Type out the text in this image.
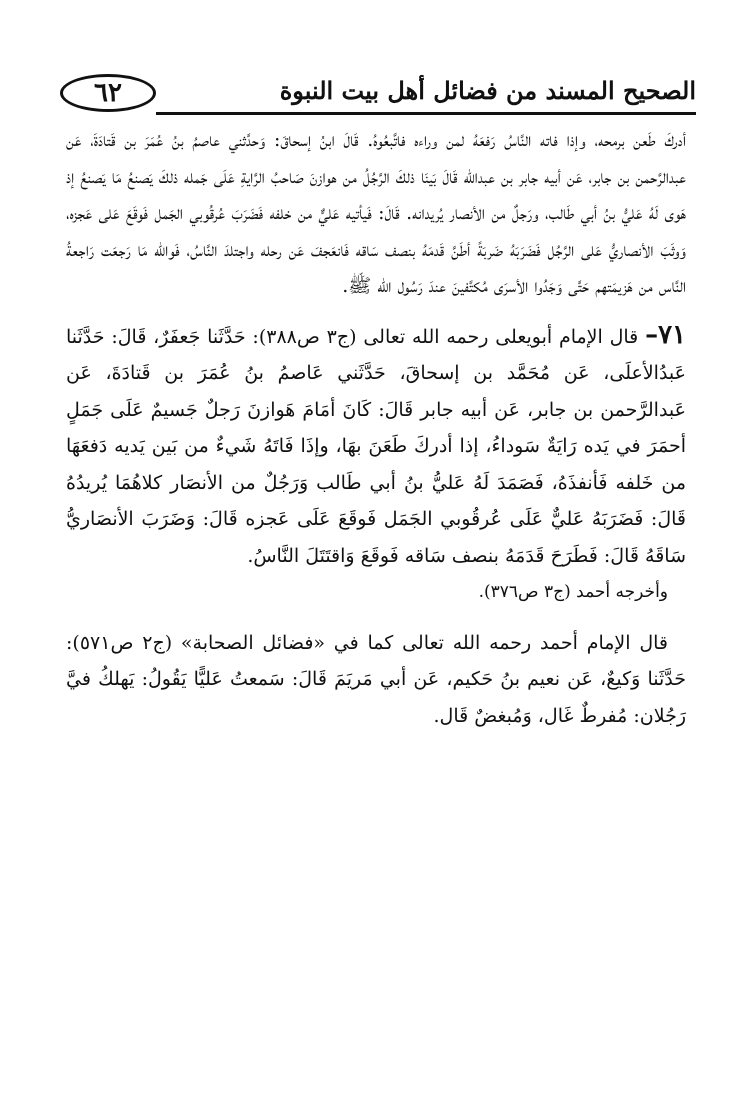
٦٢	الصحيح المسند من فضائل أهل بيت النبوة

أدركَ طَعن برمحه، وإذا فاته النَّاسُ رَفعَهُ لمن وراءه فاتَّبعُوهُ. قَالَ ابنُ إسحاقَ: وَحدَّثني عاصمُ بنُ عُمَرَ بن قَتادَةَ، عَن عبدالرَّحمن بن جابر، عَن أبيه جابر بن عبدالله قَالَ بَينَا ذلكَ الرَّجُلُ من هوازنَ صَاحبُ الرَّايةِ عَلَى جَمله ذلكَ يَصنعُ مَا يَصنعُ إذ هَوى لَهُ عَليُّ بنُ أبي طَالب، ورَجلٌ من الأنصار يُريدانه. قَالَ: فَيأتيه عَليٌّ من خلفه فَضَرَبَ عُرقُوبي الجَمل فَوقَعَ عَلى عَجزه، وَوثَبَ الأنصاريُّ عَلى الرَّجُل فَضَرَبَهُ ضَربَةً أطَنَّ قَدمَهُ بنصف سَاقه فَانعَجفَ عَن رحله واجتلدَ النَّاسُ، فَوالله مَا رَجعَت رَاجعةُ النَّاس من هَزيمَتهم حَتَّى وَجَدُوا الأسرَى مُكتَّفينَ عندَ رَسُول الله ﷺ.

٧١– قال الإمام أبويعلى رحمه الله تعالى (ج٣ ص٣٨٨): حَدَّثَنا جَعفَرٌ، قَالَ: حَدَّثَنا عَبدُالأعلَى، عَن مُحَمَّد بن إسحاقَ، حَدَّثَني عَاصمُ بنُ عُمَرَ بن قَتادَةَ، عَن عَبدالرَّحمن بن جابر، عَن أبيه جابر قَالَ: كَانَ أمَامَ هَوازنَ رَجلٌ جَسيمٌ عَلَى جَمَلٍ أحمَرَ في يَده رَايَةٌ سَوداءُ، إذا أدركَ طَعَنَ بهَا، وإذَا فَاتَهُ شَيءٌ من بَين يَديه دَفعَهَا من خَلفه فَأنفذَهُ، فَصَمَدَ لَهُ عَليُّ بنُ أبي طَالب وَرَجُلٌ من الأنصَار كلاهُمَا يُريدُهُ قَالَ: فَضَرَبَهُ عَليٌّ عَلَى عُرقُوبي الجَمَل فَوقَعَ عَلَى عَجزه قَالَ: وَضَرَبَ الأنصَاريُّ سَاقَهُ قَالَ: فَطَرَحَ قَدَمَهُ بنصف سَاقه فَوقَعَ وَاقتَتَلَ النَّاسُ.

وأخرجه أحمد (ج٣ ص٣٧٦).

قال الإمام أحمد رحمه الله تعالى كما في «فضائل الصحابة» (ج٢ ص٥٧١): حَدَّثَنا وَكيعٌ، عَن نعيم بنُ حَكيم، عَن أبي مَريَمَ قَالَ: سَمعتُ عَليًّا يَقُولُ: يَهلكُ فيَّ رَجُلان: مُفرطٌ غَال، وَمُبغضٌ قَال.
